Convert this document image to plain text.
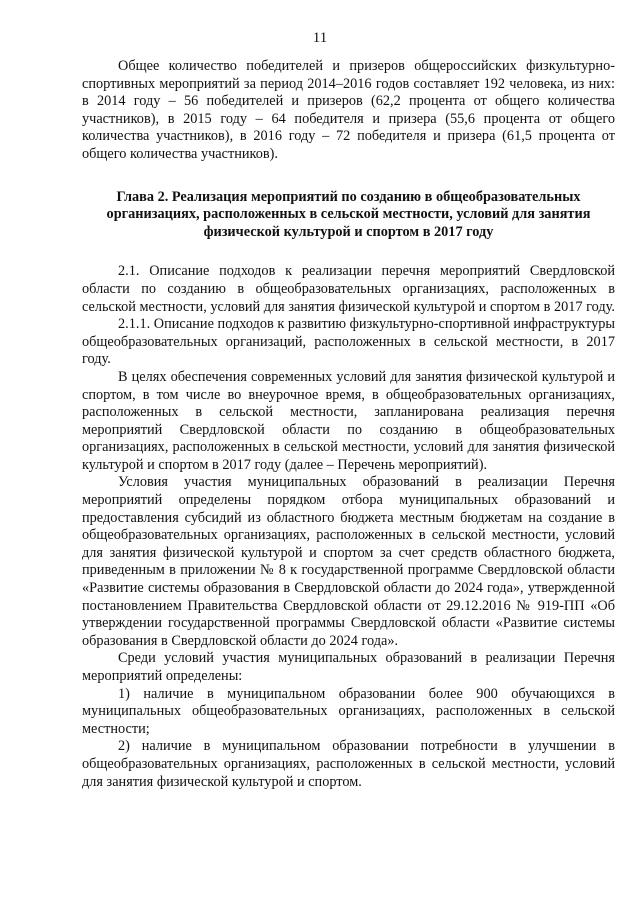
11

Общее количество победителей и призеров общероссийских физкультурно-спортивных мероприятий за период 2014–2016 годов составляет 192 человека, из них: в 2014 году – 56 победителей и призеров (62,2 процента от общего количества участников), в 2015 году – 64 победителя и призера (55,6 процента от общего количества участников), в 2016 году – 72 победителя и призера (61,5 процента от общего количества участников).

Глава 2. Реализация мероприятий по созданию в общеобразовательных организациях, расположенных в сельской местности, условий для занятия физической культурой и спортом в 2017 году

2.1. Описание подходов к реализации перечня мероприятий Свердловской области по созданию в общеобразовательных организациях, расположенных в сельской местности, условий для занятия физической культурой и спортом в 2017 году.

2.1.1. Описание подходов к развитию физкультурно-спортивной инфраструктуры общеобразовательных организаций, расположенных в сельской местности, в 2017 году.

В целях обеспечения современных условий для занятия физической культурой и спортом, в том числе во внеурочное время, в общеобразовательных организациях, расположенных в сельской местности, запланирована реализация перечня мероприятий Свердловской области по созданию в общеобразовательных организациях, расположенных в сельской местности, условий для занятия физической культурой и спортом в 2017 году (далее – Перечень мероприятий).

Условия участия муниципальных образований в реализации Перечня мероприятий определены порядком отбора муниципальных образований и предоставления субсидий из областного бюджета местным бюджетам на создание в общеобразовательных организациях, расположенных в сельской местности, условий для занятия физической культурой и спортом за счет средств областного бюджета, приведенным в приложении № 8 к государственной программе Свердловской области «Развитие системы образования в Свердловской области до 2024 года», утвержденной постановлением Правительства Свердловской области от 29.12.2016 № 919-ПП «Об утверждении государственной программы Свердловской области «Развитие системы образования в Свердловской области до 2024 года».

Среди условий участия муниципальных образований в реализации Перечня мероприятий определены:

1) наличие в муниципальном образовании более 900 обучающихся в муниципальных общеобразовательных организациях, расположенных в сельской местности;

2) наличие в муниципальном образовании потребности в улучшении в общеобразовательных организациях, расположенных в сельской местности, условий для занятия физической культурой и спортом.
